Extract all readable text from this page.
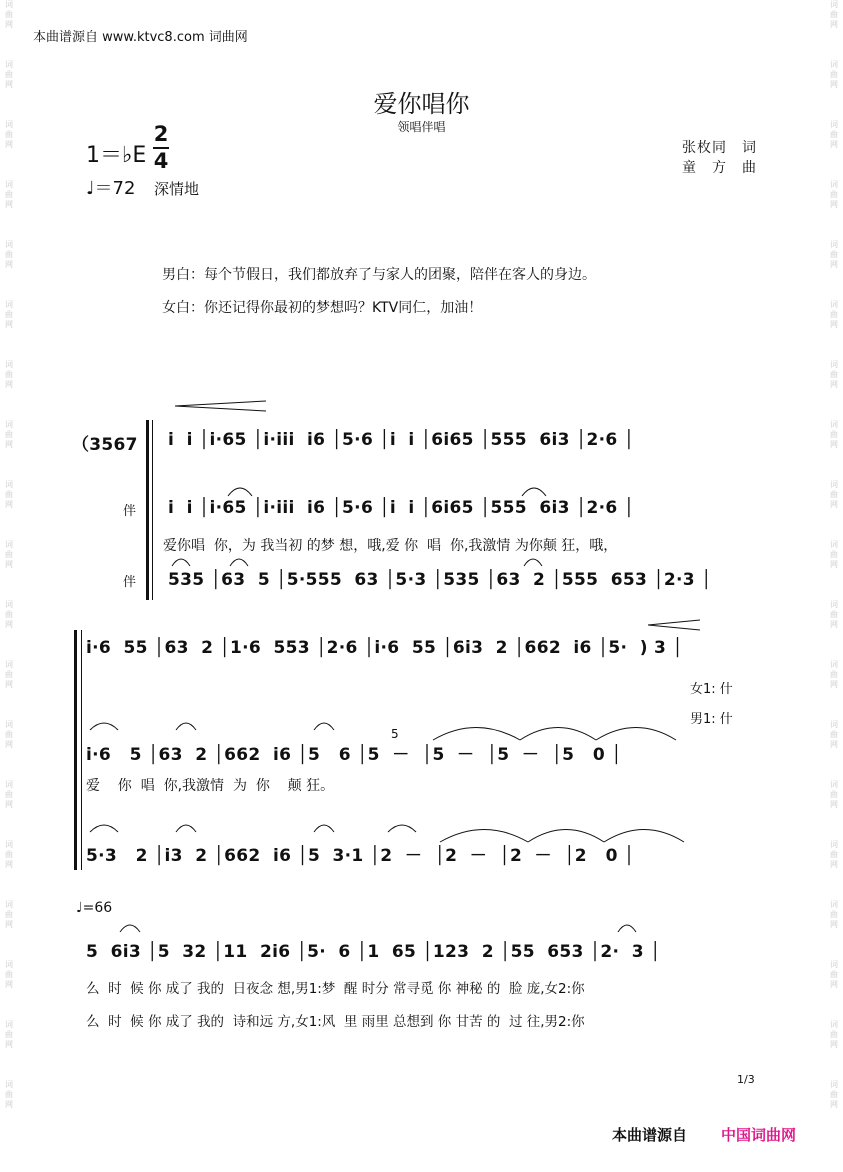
词
曲
网
词
曲
网
词
曲
网
词
曲
网
词
曲
网
词
曲
网
词
曲
网
词
曲
网
词
曲
网
词
曲
网
词
曲
网
词
曲
网
词
曲
网
词
曲
网
词
曲
网
词
曲
网
词
曲
网
词
曲
网
词
曲
网
词
曲
网
词
曲
网
词
曲
网
词
曲
网
词
曲
网
词
曲
网
词
曲
网
词
曲
网
词
曲
网
词
曲
网
词
曲
网
词
曲
网
词
曲
网
词
曲
网
词
曲
网
词
曲
网
词
曲
网
词
曲
网
词
曲
网
本曲谱源自 www.ktvc8.com 词曲网
爱你唱你
领唱伴唱
1＝♭E
2
4
♩＝72 深情地
张枚同　词
童　方　曲
男白：每个节假日，我们都放弃了与家人的团聚，陪伴在客人的身边。
女白：你还记得你最初的梦想吗？KTV同仁，加油！
（3567 i  i │i·65 │i·iii  i6 │5·6 │i  i │6i65 │555  6i3 │2·6 │
伴 i  i │i·65 │i·iii  i6 │5·6 │i  i │6i65 │555  6i3 │2·6 │
爱你唱  你，为 我当初 的梦 想，哦,爱 你  唱  你,我激情 为你颠 狂，哦，
伴 535 │63  5 │5·555  63 │5·3 │535 │63  2 │555  653 │2·3 │
i·6  55 │63  2 │1·6  553 │2·6 │i·6  55 │6i3  2 │662  i6 │5·  ) 3 │
女1: 什
男1: 什
5
i·6   5 │63  2 │662  i6 │5   6 │5  －  │5  －  │5  －  │5   0 │
爱    你  唱  你,我激情  为  你    颠 狂。
5·3   2 │i3  2 │662  i6 │5  3·1 │2  －  │2  －  │2  －  │2   0 │
♩=66
5  6i3 │5  32 │11  2i6 │5·  6 │1  65 │123  2 │55  653 │2·  3 │
么  时  候 你 成了 我的  日夜念 想,男1:梦  醒 时分 常寻觅 你 神秘 的  脸 庞,女2:你
么  时  候 你 成了 我的  诗和远 方,女1:风  里 雨里 总想到 你 甘苦 的  过 往,男2:你
1/3
本曲谱源自 中国词曲网
